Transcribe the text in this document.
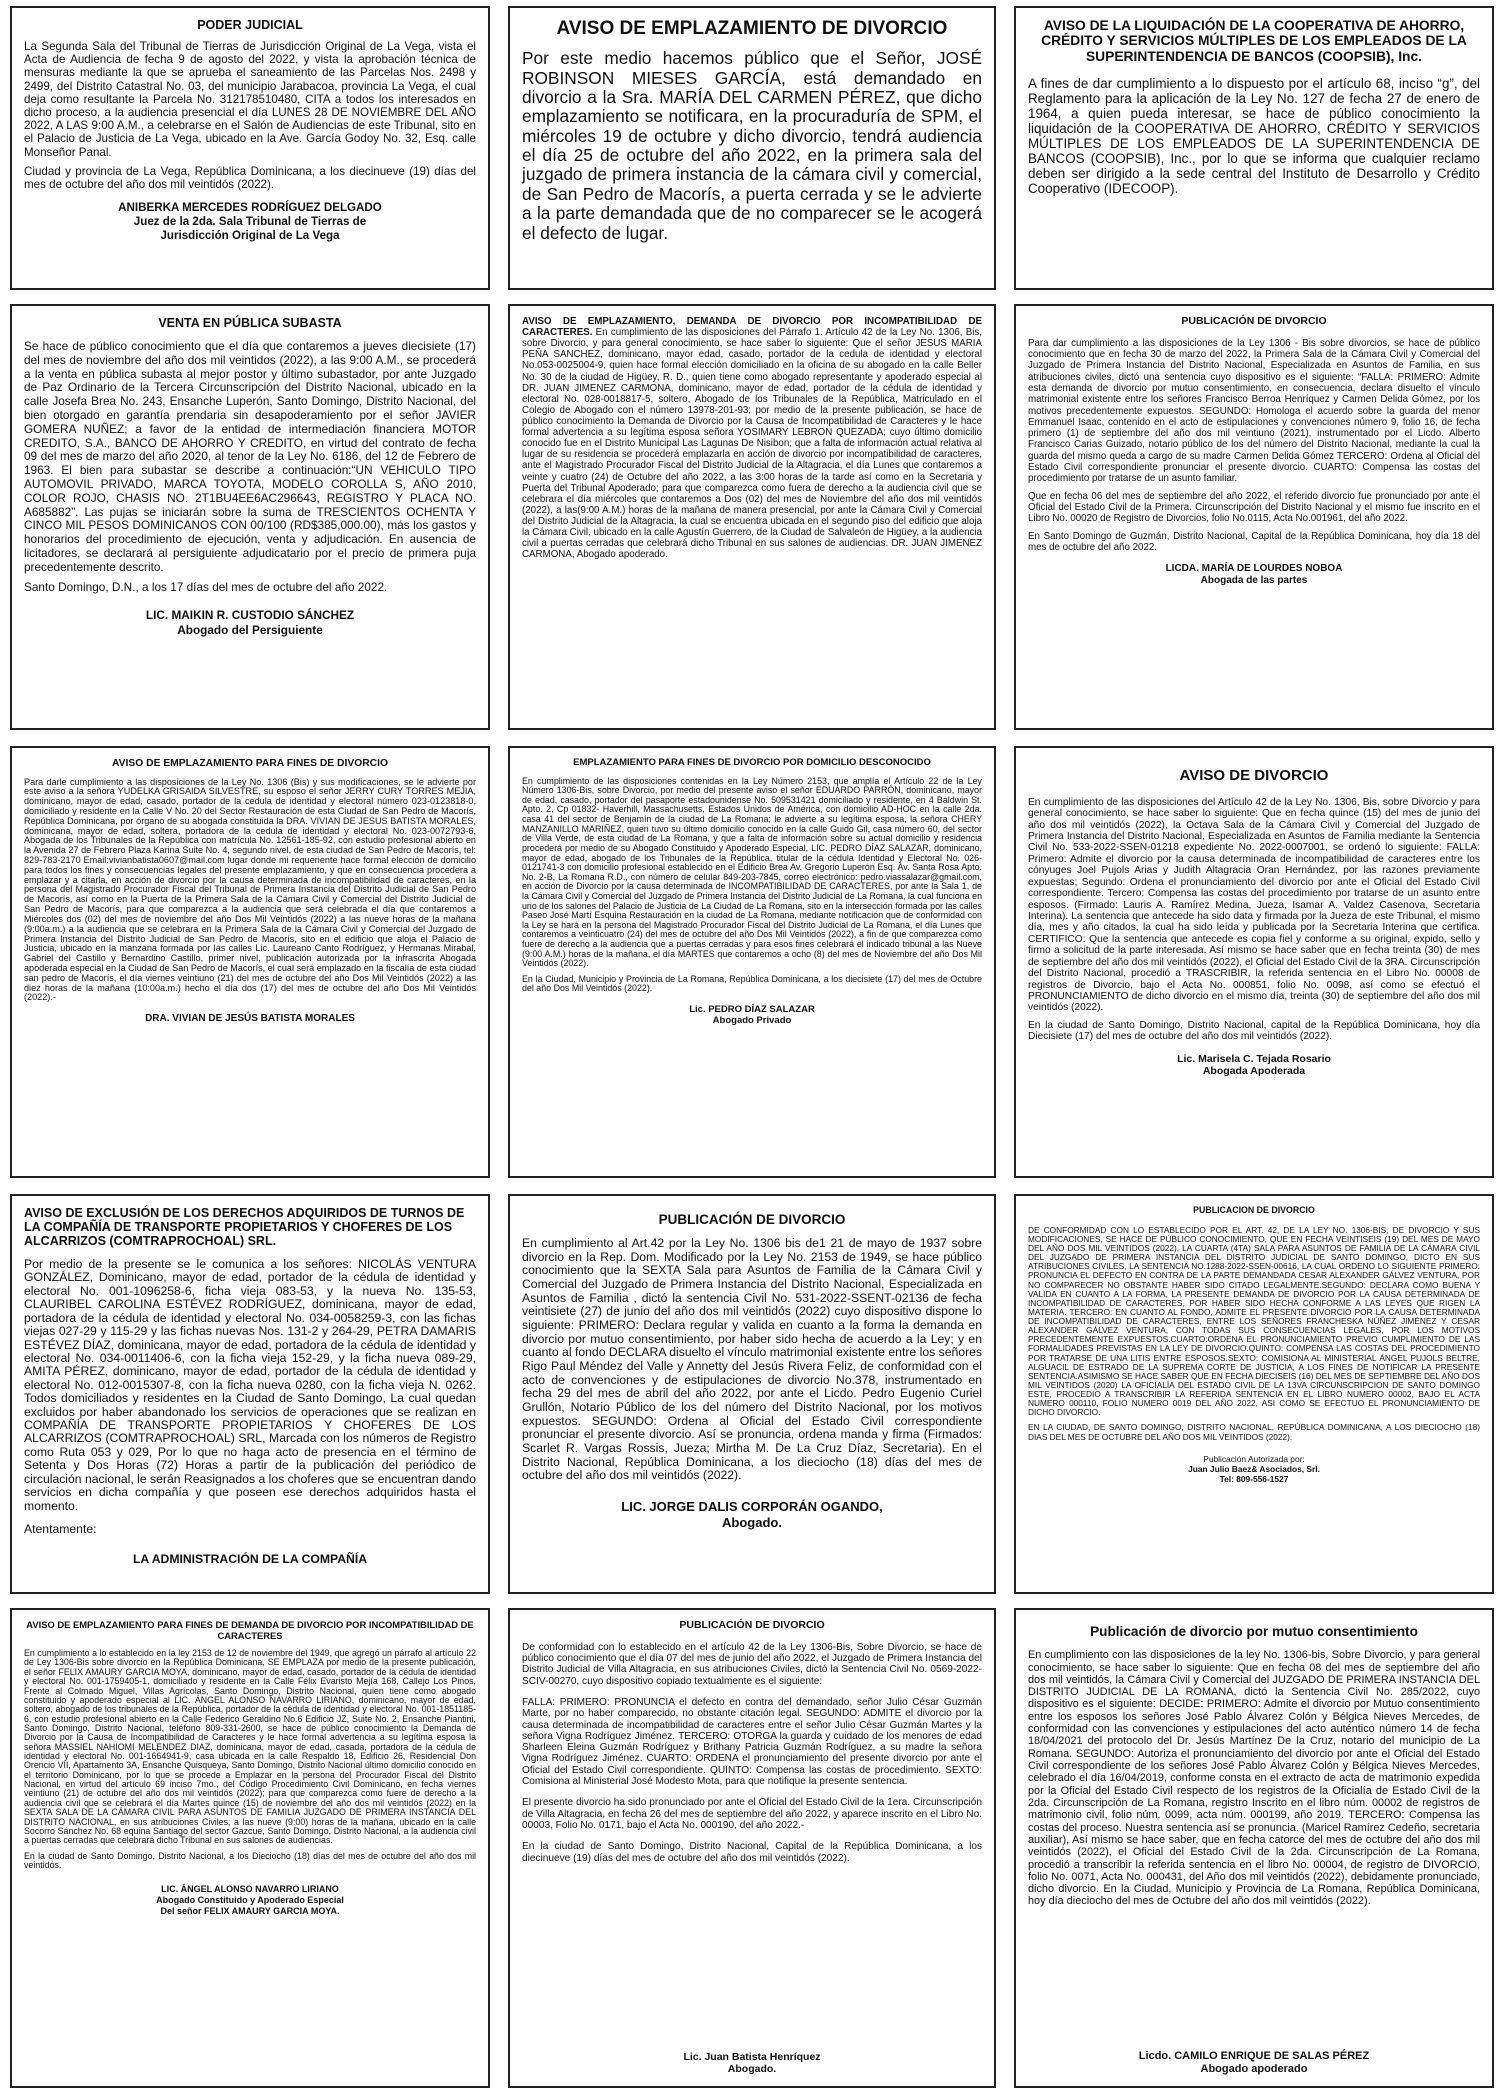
PODER JUDICIAL

La Segunda Sala del Tribunal de Tierras de Jurisdicción Original de La Vega, vista el Acta de Audiencia de fecha 9 de agosto del 2022, y vista la aprobación técnica de mensuras mediante la que se aprueba el saneamiento de las Parcelas Nos. 2498 y 2499, del Distrito Catastral No. 03, del municipio Jarabacoa, provincia La Vega, el cual deja como resultante la Parcela No. 312178510480, CITA a todos los interesados en dicho proceso, a la audiencia presencial el día LUNES 28 DE NOVIEMBRE DEL AÑO 2022, A LAS 9:00 A.M., a celebrarse en el Salón de Audiencias de este Tribunal, sito en el Palacio de Justicia de La Vega, ubicado en la Ave. García Godoy No. 32, Esq. calle Monseñor Panal.

Ciudad y provincia de La Vega, República Dominicana, a los diecinueve (19) días del mes de octubre del año dos mil veintidós (2022).

ANIBERKA MERCEDES RODRÍGUEZ DELGADO
Juez de la 2da. Sala Tribunal de Tierras de
Jurisdicción Original de La Vega
AVISO DE EMPLAZAMIENTO DE DIVORCIO

Por este medio hacemos público que el Señor, JOSÉ ROBINSON MIESES GARCÍA, está demandado en divorcio a la Sra. MARÍA DEL CARMEN PÉREZ, que dicho emplazamiento se notificara, en la procuraduría de SPM, el miércoles 19 de octubre y dicho divorcio, tendrá audiencia el día 25 de octubre del año 2022, en la primera sala del juzgado de primera instancia de la cámara civil y comercial, de San Pedro de Macorís, a puerta cerrada y se le advierte a la parte demandada que de no comparecer se le acogerá el defecto de lugar.

AVISO DE LA LIQUIDACIÓN DE LA COOPERATIVA DE AHORRO, CRÉDITO Y SERVICIOS MÚLTIPLES DE LOS EMPLEADOS DE LA SUPERINTENDENCIA DE BANCOS (COOPSIB), Inc.

A fines de dar cumplimiento a lo dispuesto por el artículo 68, inciso “g”, del Reglamento para la aplicación de la Ley No. 127 de fecha 27 de enero de 1964, a quien pueda interesar, se hace de público conocimiento la liquidación de la COOPERATIVA DE AHORRO, CRÉDITO Y SERVICIOS MÚLTIPLES DE LOS EMPLEADOS DE LA SUPERINTENDENCIA DE BANCOS (COOPSIB), Inc., por lo que se informa que cualquier reclamo deben ser dirigido a la sede central del Instituto de Desarrollo y Crédito Cooperativo (IDECOOP).

VENTA EN PÚBLICA SUBASTA

Se hace de público conocimiento que el día que contaremos a jueves diecisiete (17) del mes de noviembre del año dos mil veintidos (2022), a las 9:00 A.M., se procederá a la venta en pública subasta al mejor postor y último subastador, por ante Juzgado de Paz Ordinario de la Tercera Circunscripción del Distrito Nacional, ubicado en la calle Josefa Brea No. 243, Ensanche Luperón, Santo Domingo, Distrito Nacional, del bien otorgado en garantía prendaria sin desapoderamiento por el señor JAVIER GOMERA NUÑEZ; a favor de la entidad de intermediación financiera MOTOR CREDITO, S.A., BANCO DE AHORRO Y CREDITO, en virtud del contrato de fecha 09 del mes de marzo del año 2020, al tenor de la Ley No. 6186, del 12 de Febrero de 1963. El bien para subastar se describe a continuación:“UN VEHICULO TIPO AUTOMOVIL PRIVADO, MARCA TOYOTA, MODELO COROLLA S, AÑO 2010, COLOR ROJO, CHASIS NO. 2T1BU4EE6AC296643, REGISTRO Y PLACA NO. A685882”. Las pujas se iniciarán sobre la suma de TRESCIENTOS OCHENTA Y CINCO MIL PESOS DOMINICANOS CON 00/100 (RD$385,000.00), más los gastos y honorarios del procedimiento de ejecución, venta y adjudicación. En ausencia de licitadores, se declarará al persiguiente adjudicatario por el precio de primera puja precedentemente descrito.

Santo Domingo, D.N., a los 17 días del mes de octubre del año 2022.

LIC. MAIKIN R. CUSTODIO SÁNCHEZ
Abogado del Persiguiente

AVISO DE EMPLAZAMIENTO, DEMANDA DE DIVORCIO POR INCOMPATIBILIDAD DE CARACTERES. En cumplimiento de las disposiciones del Párrafo 1. Artículo 42 de la Ley No. 1306, Bis, sobre Divorcio, y para general conocimiento, se hace saber lo siguiente: Que el señor JESUS MARIA PEÑA SANCHEZ, dominicano, mayor edad, casado, portador de la cedula de identidad y electoral No.053-0025004-9, quien hace formal elección domiciliado en la oficina de su abogado en la calle Beller No. 30 de la ciudad de Higüey, R. D., quien tiene como abogado representante y apoderado especial al DR. JUAN JIMENEZ CARMONA, dominicano, mayor de edad, portador de la cédula de identidad y electoral No. 028-0018817-5, soltero, Abogado de los Tribunales de la República, Matriculado en el Colegio de Abogado con el número 13978-201-93; por medio de la presente publicación, se hace de público conocimiento la Demanda de Divorcio por la Causa de Incompatibilidad de Caracteres y le hace formal advertencia a su legítima esposa señora YOSIMARY LEBRON QUEZADA; cuyo último domicilio conocido fue en el Distrito Municipal Las Lagunas De Nisibon; que a falta de información actual relativa al lugar de su residencia se procederá emplazarla en acción de divorcio por incompatibilidad de caracteres, ante el Magistrado Procurador Fiscal del Distrito Judicial de la Altagracia, el día Lunes que contaremos a veinte y cuatro (24) de Octubre del año 2022, a las 3:00 horas de la tarde así como en la Secretaria y Puerta del Tribunal Apoderado; para que comparezca como fuera de derecho a la audiencia civil que se celebrara el día miércoles que contaremos a Dos (02) del mes de Noviembre del año dos mil veintidós (2022), a las(9:00 A.M.) horas de la mañana de manera presencial, por ante la Cámara Civil y Comercial del Distrito Judicial de la Altagracia, la cual se encuentra ubicada en el segundo piso del edificio que aloja la Cámara Civil, ubicado en la calle Agustín Guerrero, de la Ciudad de Salvaleón de Higüey, a la audiencia civil a puertas cerradas que celebrará dicho Tribunal en sus salones de audiencias. DR. JUAN JIMENEZ CARMONA, Abogado apoderado.

PUBLICACIÓN DE DIVORCIO

Para dar cumplimiento a las disposiciones de la Ley 1306 - Bis sobre divorcios, se hace de público conocimiento que en fecha 30 de marzo del 2022, la Primera Sala de la Cámara Civil y Comercial del Juzgado de Primera Instancia del Distrito Nacional, Especializada en Asuntos de Familia, en sus atribuciones civiles, dictó una sentencia cuyo dispositivo es el siguiente: “FALLA: PRIMERO: Admite esta demanda de divorcio por mutuo consentimiento, en consecuencia, declara disuelto el vínculo matrimonial existente entre los señores Francisco Berroa Henríquez y Carmen Delida Gómez, por los motivos precedentemente expuestos. SEGUNDO: Homologa el acuerdo sobre la guarda del menor Emmanuel Isaac, contenido en el acto de estipulaciones y convenciones número 9, folio 16, de fecha primero (1) de septiembre del año dos mil veintiuno (2021), instrumentado por el Licdo. Alberto Francisco Carias Guizado, notario público de los del número del Distrito Nacional, mediante la cual la guarda del mismo queda a cargo de su madre Carmen Delida Gómez TERCERO: Ordena al Oficial del Estado Civil correspondiente pronunciar el presente divorcio. CUARTO: Compensa las costas del procedimiento por tratarse de un asunto familiar.

Que en fecha 06 del mes de septiembre del año 2022, el referido divorcio fue pronunciado por ante el Oficial del Estado Civil de la Primera. Circunscripción del Distrito Nacional y el mismo fue inscrito en el Libro No. 00020 de Registro de Divorcios, folio No.0115, Acta No.001961, del año 2022.

En Santo Domingo de Guzmán, Distrito Nacional, Capital de la República Dominicana, hoy día 18 del mes de octubre del año 2022.

LICDA. MARÍA DE LOURDES NOBOA
Abogada de las partes
AVISO DE EMPLAZAMIENTO PARA FINES DE DIVORCIO

Para darle cumplimiento a las disposiciones de la Ley No. 1306 (Bis) y sus modificaciones, se le advierte por este aviso a la señora YUDELKA GRISAIDA SILVESTRE, su esposo el señor JERRY CURY TORRES MEJIA, dominicano, mayor de edad, casado, portador de la cedula de identidad y electoral número 023-0123818-0, domiciliado y residente en la Calle V No. 20 del Sector Restauración de esta Ciudad de San Pedro de Macorís, República Dominicana, por órgano de su abogada constituida la DRA. VIVIAN DE JESUS BATISTA MORALES, dominicana, mayor de edad, soltera, portadora de la cedula de identidad y electoral No. 023-0072793-6, Abogada de los Tribunales de la República con matrícula No. 12561-185-92, con estudio profesional abierto en la Avenida 27 de Febrero Plaza Karina Suite No. 4, segundo nivel, de esta ciudad de San Pedro de Macorís, tel: 829-783-2170 Email:vivianbatista0607@mail.com lugar donde mi requeriente hace formal elección de domicilio para todos los fines y consecuencias legales del presente emplazamiento, y que en consecuencia procedera a emplazar y a citarla, en acción de divorcio por la causa determinada de incompatibilidad de caracteres, en la persona del Magistrado Procurador Fiscal del Tribunal de Primera Instancia del Distrito Judicial de San Pedro de Macorís, así como en la Puerta de la Primera Sala de la Cámara Civil y Comercial del Distrito Judicial de San Pedro de Macorís, para que comparezca a la audiencia que será celebrada el día que contaremos a Miércoles dos (02) del mes de noviembre del año Dos Mil Veintidós (2022) a las nueve horas de la mañana (9:00a.m.) a la audiencia que se celebrara en la Primera Sala de la Cámara Civil y Comercial del Juzgado de Primera Instancia del Distrito Judicial de San Pedro de Macorís, sito en el edificio que aloja el Palacio de Justicia, ubicado en la manzana formada por las calles Lic. Laureano Canto Rodríguez, y Hermanas Mirabal, Gabriel del Castillo y Bernardino Castillo, primer nivel, publicación autorizada por la infrascrita Abogada apoderada especial en la Ciudad de San Pedro de Macorís, el cual será emplazado en la fiscalía de esta ciudad san pedro de Macorís, el día viernes veintiuno (21) del mes de octubre del año Dos Mil Veintidós (2022) a las diez horas de la mañana (10:00a.m.) hecho el día dos (17) del mes de octubre del año Dos Mil Veintidós (2022).-

DRA. VIVIAN DE JESÚS BATISTA MORALES
EMPLAZAMIENTO PARA FINES DE DIVORCIO POR DOMICILIO DESCONOCIDO

En cumplimiento de las disposiciones contenidas en la Ley Número 2153, que amplía el Artículo 22 de la Ley Número 1306-Bis, sobre Divorcio, por medio del presente aviso el señor EDUARDO PARRÓN, dominicano, mayor de edad, casado, portador del pasaporte estadounidense No. 509531421 domiciliado y residente, en 4 Baldwin St. Apto. 2, Cp 01832- Haverhill, Massachusetts, Estados Unidos de América, con domicilio AD-HOC en la calle 2da. casa 41 del sector de Benjamín de la ciudad de La Romana; le advierte a su legítima esposa, la señora CHERY MANZANILLO MARIÑEZ, quien tuvo su último domicilio conocido en la calle Guido Gil, casa número 60, del sector de Villa Verde, de esta ciudad de La Romana, y que a falta de información sobre su actual domicilio y residencia procederá por medio de su Abogado Constituido y Apoderado Especial, LIC. PEDRO DÍAZ SALAZAR, dominicano, mayor de edad, abogado de los Tribunales de la República, titular de la cédula Identidad y Electoral No. 026-0121741-3 con domicilio profesional establecido en el Edificio Brea Av. Gregorio Luperón Esq. Av. Santa Rosa Apto. No. 2-B, La Romana R.D., con número de celular 849-203-7845, correo electrónico: pedro.viassalazar@gmail.com, en acción de Divorcio por la causa determinada de INCOMPATIBILIDAD DE CARACTERES, por ante la Sala 1, de la Cámara Civil y Comercial del Juzgado de Primera Instancia del Distrito Judicial de La Romana, la cual funciona en uno de los salones del Palacio de Justicia de La Ciudad de La Romana, sito en la intersección formada por las calles Paseo José Martí Esquina Restauración en la ciudad de La Romana, mediante notificación que de conformidad con la Ley se hará en la persona del Magistrado Procurador Fiscal del Distrito Judicial de La Romana, el día Lunes que contaremos a veinticuatro (24) del mes de octubre del año Dos Mil Veintidós (2022), a fin de que comparezca como fuere de derecho a la audiencia que a puertas cerradas y para esos fines celebrará el indicado tribunal a las Nueve (9:00 A.M.) horas de la mañana, el día MARTES que contaremos a ocho (8) del mes de Noviembre del año Dos Mil Veintidós (2022).

En la Ciudad, Municipio y Provincia de La Romana, República Dominicana, a los diecisiete (17) del mes de Octubre del año Dos Mil Veintidós (2022).

Lic. PEDRO DÍAZ SALAZAR
Abogado Privado
AVISO DE DIVORCIO

En cumplimiento de las disposiciones del Artículo 42 de la Ley No. 1306, Bis, sobre Divorcio y para general conocimiento, se hace saber lo siguiente: Que en fecha quince (15) del mes de junio del año dos mil veintidós (2022), la Octava Sala de la Cámara Civil y Comercial del Juzgado de Primera Instancia del Distrito Nacional, Especializada en Asuntos de Familia mediante la Sentencia Civil No. 533-2022-SSEN-01218 expediente No. 2022-0007001, se ordenó lo siguiente: FALLA: Primero: Admite el divorcio por la causa determinada de incompatibilidad de caracteres entre los cónyuges Joel Pujols Arias y Judith Altagracia Oran Hernández, por las razones previamente expuestas; Segundo: Ordena el pronunciamiento del divorcio por ante el Oficial del Estado Civil correspondiente. Tercero: Compensa las costas del procedimiento por tratarse de un asunto entre esposos. (Firmado: Lauris A. Ramírez Medina, Jueza, Isamar A. Valdez Casenova, Secretaria Interina). La sentencia que antecede ha sido data y firmada por la Jueza de este Tribunal, el mismo día, mes y año citados, la cual ha sido leída y publicada por la Secretaria Interina que certifica. CERTIFICO: Que la sentencia que antecede es copia fiel y conforme a su original, expido, sello y firmo a solicitud de la parte interesada. Así mismo se hace saber que en fecha treinta (30) de mes de septiembre del año dos mil veintidós (2022), el Oficial del Estado Civil de la 3RA. Circunscripción del Distrito Nacional, procedió a TRASCRIBIR, la referida sentencia en el Libro No. 00008 de registros de Divorcio, bajo el Acta No. 000851, folio No. 0098, así como se efectuó el PRONUNCIAMIENTO de dicho divorcio en el mismo día, treinta (30) de septiembre del año dos mil veintidós (2022).

En la ciudad de Santo Domingo, Distrito Nacional, capital de la República Dominicana, hoy día Diecisiete (17) del mes de octubre del año dos mil veintidós (2022).

Lic. Marisela C. Tejada Rosario
Abogada Apoderada
AVISO DE EXCLUSIÓN DE LOS DERECHOS ADQUIRIDOS DE TURNOS DE LA COMPAÑÍA DE TRANSPORTE PROPIETARIOS Y CHOFERES DE LOS ALCARRIZOS (COMTRAPROCHOAL) SRL.

Por medio de la presente se le comunica a los señores: NICOLÁS VENTURA GONZÁLEZ, Dominicano, mayor de edad, portador de la cédula de identidad y electoral No. 001-1096258-6, ficha vieja 083-53, y la nueva No. 135-53, CLAURIBEL CAROLINA ESTÉVEZ RODRÍGUEZ, dominicana, mayor de edad, portadora de la cédula de identidad y electoral No. 034-0058259-3, con las fichas viejas 027-29 y 115-29 y las fichas nuevas Nos. 131-2 y 264-29, PETRA DAMARIS ESTÉVEZ DÍAZ, dominicana, mayor de edad, portadora de la cédula de identidad y electoral No. 034-0011406-6, con la ficha vieja 152-29, y la ficha nueva 089-29, AMITA PÉREZ, dominicano, mayor de edad, portador de la cédula de identidad y electoral No. 012-0015307-8, con la ficha nueva 0280, con la ficha vieja N. 0262. Todos domiciliados y residentes en la Ciudad de Santo Domingo, La cual quedan excluidos por haber abandonado los servicios de operaciones que se realizan en COMPAÑÍA DE TRANSPORTE PROPIETARIOS Y CHOFERES DE LOS ALCARRIZOS (COMTRAPROCHOAL) SRL, Marcada con los números de Registro como Ruta 053 y 029, Por lo que no haga acto de presencia en el término de Setenta y Dos Horas (72) Horas a partir de la publicación del periódico de circulación nacional, le serán Reasignados a los choferes que se encuentran dando servicios en dicha compañía y que poseen ese derechos adquiridos hasta el momento.

Atentamente:

LA ADMINISTRACIÓN DE LA COMPAÑÍA
PUBLICACIÓN DE DIVORCIO

En cumplimiento al Art.42 por la Ley No. 1306 bis de1 21 de mayo de 1937 sobre divorcio en la Rep. Dom. Modificado por la Ley No. 2153 de 1949, se hace público conocimiento que la SEXTA Sala para Asuntos de Familia de la Cámara Civil y Comercial del Juzgado de Primera Instancia del Distrito Nacional, Especializada en Asuntos de Familia , dictó la sentencia Civil No. 531-2022-SSENT-02136 de fecha veintisiete (27) de junio del año dos mil veintidós (2022) cuyo dispositivo dispone lo siguiente: PRIMERO: Declara regular y valida en cuanto a la forma la demanda en divorcio por mutuo consentimiento, por haber sido hecha de acuerdo a la Ley; y en cuanto al fondo DECLARA disuelto el vínculo matrimonial existente entre los señores Rigo Paul Méndez del Valle y Annetty del Jesús Rivera Feliz, de conformidad con el acto de convenciones y de estipulaciones de divorcio No.378, instrumentado en fecha 29 del mes de abril del año 2022, por ante el Licdo. Pedro Eugenio Curiel Grullón, Notario Público de los del número del Distrito Nacional, por los motivos expuestos. SEGUNDO: Ordena al Oficial del Estado Civil correspondiente pronunciar el presente divorcio. Así se pronuncia, ordena manda y firma (Firmados: Scarlet R. Vargas Rossis, Jueza; Mirtha M. De La Cruz Díaz, Secretaria). En el Distrito Nacional, República Dominicana, a los dieciocho (18) días del mes de octubre del año dos mil veintidós (2022).

LIC. JORGE DALIS CORPORÁN OGANDO,
Abogado.
PUBLICACION DE DIVORCIO

DE CONFORMIDAD CON LO ESTABLECIDO POR EL ART. 42, DE LA LEY NO. 1306-BIS, DE DIVORCIO Y SUS MODIFICACIONES, SE HACE DE PÚBLICO CONOCIMIENTO, QUE EN FECHA VEINTISEIS (19) DEL MES DE MAYO DEL AÑO DOS MIL VEINTIDOS (2022), LA CUARTA (4TA) SALA PARA ASUNTOS DE FAMILIA DE LA CÁMARA CIVIL DEL JUZGADO DE PRIMERA INSTANCIA DEL DISTRITO JUDICIAL DE SANTO DOMINGO, DICTO EN SUS ATRIBUCIONES CIVILES, LA SENTENCIA NO.1288-2022-SSEN-00616, LA CUAL ORDENO LO SIGUIENTE PRIMERO: PRONUNCIA EL DEFECTO EN CONTRA DE LA PARTE DEMANDADA CESAR ALEXANDER GÁLVEZ VENTURA, POR NO COMPARECER NO OBSTANTE HABER SIDO CITADO LEGALMENTE.SEGUNDO: DECLARA COMO BUENA Y VALIDA EN CUANTO A LA FORMA, LA PRESENTE DEMANDA DE DIVORCIO POR LA CAUSA DETERMINADA DE INCOMPATIBILIDAD DE CARACTERES, POR HABER SIDO HECHA CONFORME A LAS LEYES QUE RIGEN LA MATERIA. TERCERO: EN CUANTO AL FONDO, ADMITE EL PRESENTE DIVORCIO POR LA CAUSA DETERMINADA DE INCOMPATIBILIDAD DE CARACTERES, ENTRE LOS SEÑORES FRANCHESKA NÚÑEZ JIMÉNEZ Y CESAR ALEXANDER GÁLVEZ VENTURA, CON TODAS SUS CONSECUENCIAS LEGALES, POR LOS MOTIVOS PRECEDENTEMENTE EXPUESTOS.CUARTO:ORDENA EL PRONUNCIAMIENTO PREVIO CUMPLIMIENTO DE LAS FORMALIDADES PREVISTAS EN LA LEY DE DIVORCIO.QUINTO: COMPENSA LAS COSTAS DEL PROCEDIMIENTO POR TRATARSE DE UNA LITIS ENTRE ESPOSOS.SEXTO: COMISIONA AL MINISTERIAL ÁNGEL PUJOLS BELTRE, ALGUACIL DE ESTRADO DE LA SUPREMA CORTE DE JUSTICIA, A LOS FINES DE NOTIFICAR LA PRESENTE SENTENCIA.ASIMISMO SE HACE SABER QUE EN FECHA DIECISEIS (16) DEL MES DE SEPTIEMBRE DEL AÑO DOS MIL VEINTIDOS (2020) LA OFICIALÍA DEL ESTADO CIVIL DE LA 13VA CIRCUNSCRIPCION DE SANTO DOMINGO ESTE, PROCEDIO A TRANSCRIBIR LA REFERIDA SENTENCIA EN EL LIBRO NUMERO 00002, BAJO EL ACTA NUMERO 000110, FOLIO NUMERO 0019 DEL AÑO 2022, ASI COMO SE EFECTUO EL PRONUNCIAMIENTO DE DICHO DIVORCIO.

EN LA CIUDAD, DE SANTO DOMINGO, DISTRITO NACIONAL, REPÚBLICA DOMINICANA, A LOS DIECIOCHO (18) DIAS DEL MES DE OCTUBRE DEL AÑO DOS MIL VEINTIDOS (2022).

Publicación Autorizada por:
Juan Julio Baez& Asociados, Srl.
Tel: 809-556-1527
AVISO DE EMPLAZAMIENTO PARA FINES DE DEMANDA DE DIVORCIO POR INCOMPATIBILIDAD DE CARACTERES

En cumplimiento a lo establecido en la ley 2153 de 12 de noviembre del 1949, que agregó un párrafo al artículo 22 de Ley 1306-Bis sobre divorcio en la República Dominicana, SE EMPLAZA por medio de la presente publicación, el señor FELIX AMAURY GARCIA MOYA, dominicano, mayor de edad, casado, portador de la cédula de identidad y electoral No. 001-1759405-1, domiciliado y residente en la Calle Félix Evaristo Mejía 168, Callejo Los Pinos, Frente al Colmado Miguel, Villas Agrícolas, Santo Domingo, Distrito Nacional, quien tiene como abogado constituido y apoderado especial al LIC. ÁNGEL ALONSO NAVARRO LIRIANO, dominicano, mayor de edad, soltero, abogado de los tribunales de la República, portador de la cédula de identidad y electoral No. 001-1851185-6, con estudio profesional abierto en la Calle Federico Geraldino No.6 Edificio JZ, Suite No. 2, Ensanche Piantini, Santo Domingo, Distrito Nacional, teléfono 809-331-2600, se hace de público conocimiento la Demanda de Divorcio por la Causa de Incompatibilidad de Caracteres y le hace formal advertencia a su legítima esposa la señora MASSIEL NAHIOMI MELENDEZ DIAZ, dominicana, mayor de edad, casada, portadora de la cédula de identidad y electoral No. 001-1664941-9, casa ubicada en la calle Respaldo 18, Edificio 26, Residencial Don Orencio VII, Apartamento 3A, Ensanche Quisqueya, Santo Domingo, Distrito Nacional último domicilio conocido en el territorio Dominicano, por lo que se procede a Emplazar en la persona del Procurador Fiscal del Distrito Nacional, en virtud del artículo 69 inciso 7mo., del Código Procedimiento Civil Dominicano, en fecha viernes veintiuno (21) de octubre del año dos mil veintidós (2022); para que comparezca como fuere de derecho a la audiencia civil que se celebrará el día Martes quince (15) de noviembre del año dos mil veintidós (2022) en la SEXTA SALA DE LA CÁMARA CIVIL PARA ASUNTOS DE FAMILIA JUZGADO DE PRIMERA INSTANCIA DEL DISTRITO NACIONAL, en sus atribuciones Civiles, a las nueve (9:00) horas de la mañana, ubicado en la calle Socorro Sánchez No. 68 equina Santiago del sector Gazcue, Santo Domingo, Distrito Nacional, a la audiencia civil a puertas cerradas que celebrará dicho Tribunal en sus salones de audiencias.

En la ciudad de Santo Domingo, Distrito Nacional, a los Dieciocho (18) días del mes de octubre del año dos mil veintidós.

LIC. ÁNGEL ALONSO NAVARRO LIRIANO
Abogado Constituido y Apoderado Especial
Del señor FELIX AMAURY GARCIA MOYA.
PUBLICACIÓN DE DIVORCIO

De conformidad con lo establecido en el artículo 42 de la Ley 1306-Bis, Sobre Divorcio, se hace de público conocimiento que el día 07 del mes de junio del año 2022, el Juzgado de Primera Instancia del Distrito Judicial de Villa Altagracia, en sus atribuciones Civiles, dictó la Sentencia Civil No. 0569-2022-SCIV-00270, cuyo dispositivo copiado textualmente es el siguiente:

FALLA: PRIMERO: PRONUNCIA el defecto en contra del demandado, señor Julio César Guzmán Marte, por no haber comparecido, no obstante citación legal. SEGUNDO: ADMITE el divorcio por la causa determinada de incompatibilidad de caracteres entre el señor Julio César Guzmán Martes y la señora Vigna Rodríguez Jiménez. TERCERO: OTORGA la guarda y cuidado de los menores de edad Sharleen Eleina Guzmán Rodríguez y Brithany Patricia Guzmán Rodríguez, a su madre la señora Vigna Rodríguez Jiménez. CUARTO: ORDENA el pronunciamiento del presente divorcio por ante el Oficial del Estado Civil correspondiente. QUINTO: Compensa las costas de procedimiento. SEXTO: Comisiona al Ministerial José Modesto Mota, para que notifique la presente sentencia.

El presente divorcio ha sido pronunciado por ante el Oficial del Estado Civil de la 1era. Circunscripción de Villa Altagracia, en fecha 26 del mes de septiembre del año 2022, y aparece inscrito en el Libro No. 00003, Folio No. 0171, bajo el Acta No. 000190, del año 2022.-

En la ciudad de Santo Domingo, Distrito Nacional, Capital de la República Dominicana, a los diecinueve (19) días del mes de octubre del año dos mil veintidós (2022).

Lic. Juan Batista Henríquez
Abogado.
Publicación de divorcio por mutuo consentimiento

En cumplimiento con las disposiciones de la ley No. 1306-bis, Sobre Divorcio, y para general conocimiento, se hace saber lo siguiente: Que en fecha 08 del mes de septiembre del año dos mil veintidós, la Cámara Civil y Comercial del JUZGADO DE PRIMERA INSTANCIA DEL DISTRITO JUDICIAL DE LA ROMANA, dictó la Sentencia Civil No. 285/2022, cuyo dispositivo es el siguiente: DECIDE: PRIMERO: Admite el divorcio por Mutuo consentimiento entre los esposos los señores José Pablo Álvarez Colón y Bélgica Nieves Mercedes, de conformidad con las convenciones y estipulaciones del acto auténtico número 14 de fecha 18/04/2021 del protocolo del Dr. Jesús Martínez De la Cruz, notario del municipio de La Romana. SEGUNDO: Autoriza el pronunciamiento del divorcio por ante el Oficial del Estado Civil correspondiente de los señores José Pablo Álvarez Colón y Bélgica Nieves Mercedes, celebrado el día 16/04/2019, conforme consta en el extracto de acta de matrimonio expedida por la Oficial del Estado Civil respecto de los registros de la Oficialía de Estado Civil de la 2da. Circunscripción de La Romana, registro Inscrito en el libro núm. 00002 de registros de matrimonio civil, folio núm. 0099, acta núm. 000199, año 2019. TERCERO: Compensa las costas del proceso. Nuestra sentencia así se pronuncia. (Maricel Ramírez Cedeño, secretaria auxiliar), Así mismo se hace saber, que en fecha catorce del mes de octubre del año dos mil veintidós (2022), el Oficial del Estado Civil de la 2da. Circunscripción de La Romana, procedió a transcribir la referida sentencia en el libro No. 00004, de registro de DIVORCIO, folio No. 0071, Acta No. 000431, del Año dos mil veintidós (2022), debidamente pronunciado, dicho divorcio. En la Ciudad, Municipio y Provincia de La Romana, República Dominicana, hoy día dieciocho del mes de Octubre del año dos mil veintidós (2022).

Licdo. CAMILO ENRIQUE DE SALAS PÉREZ
Abogado apoderado
